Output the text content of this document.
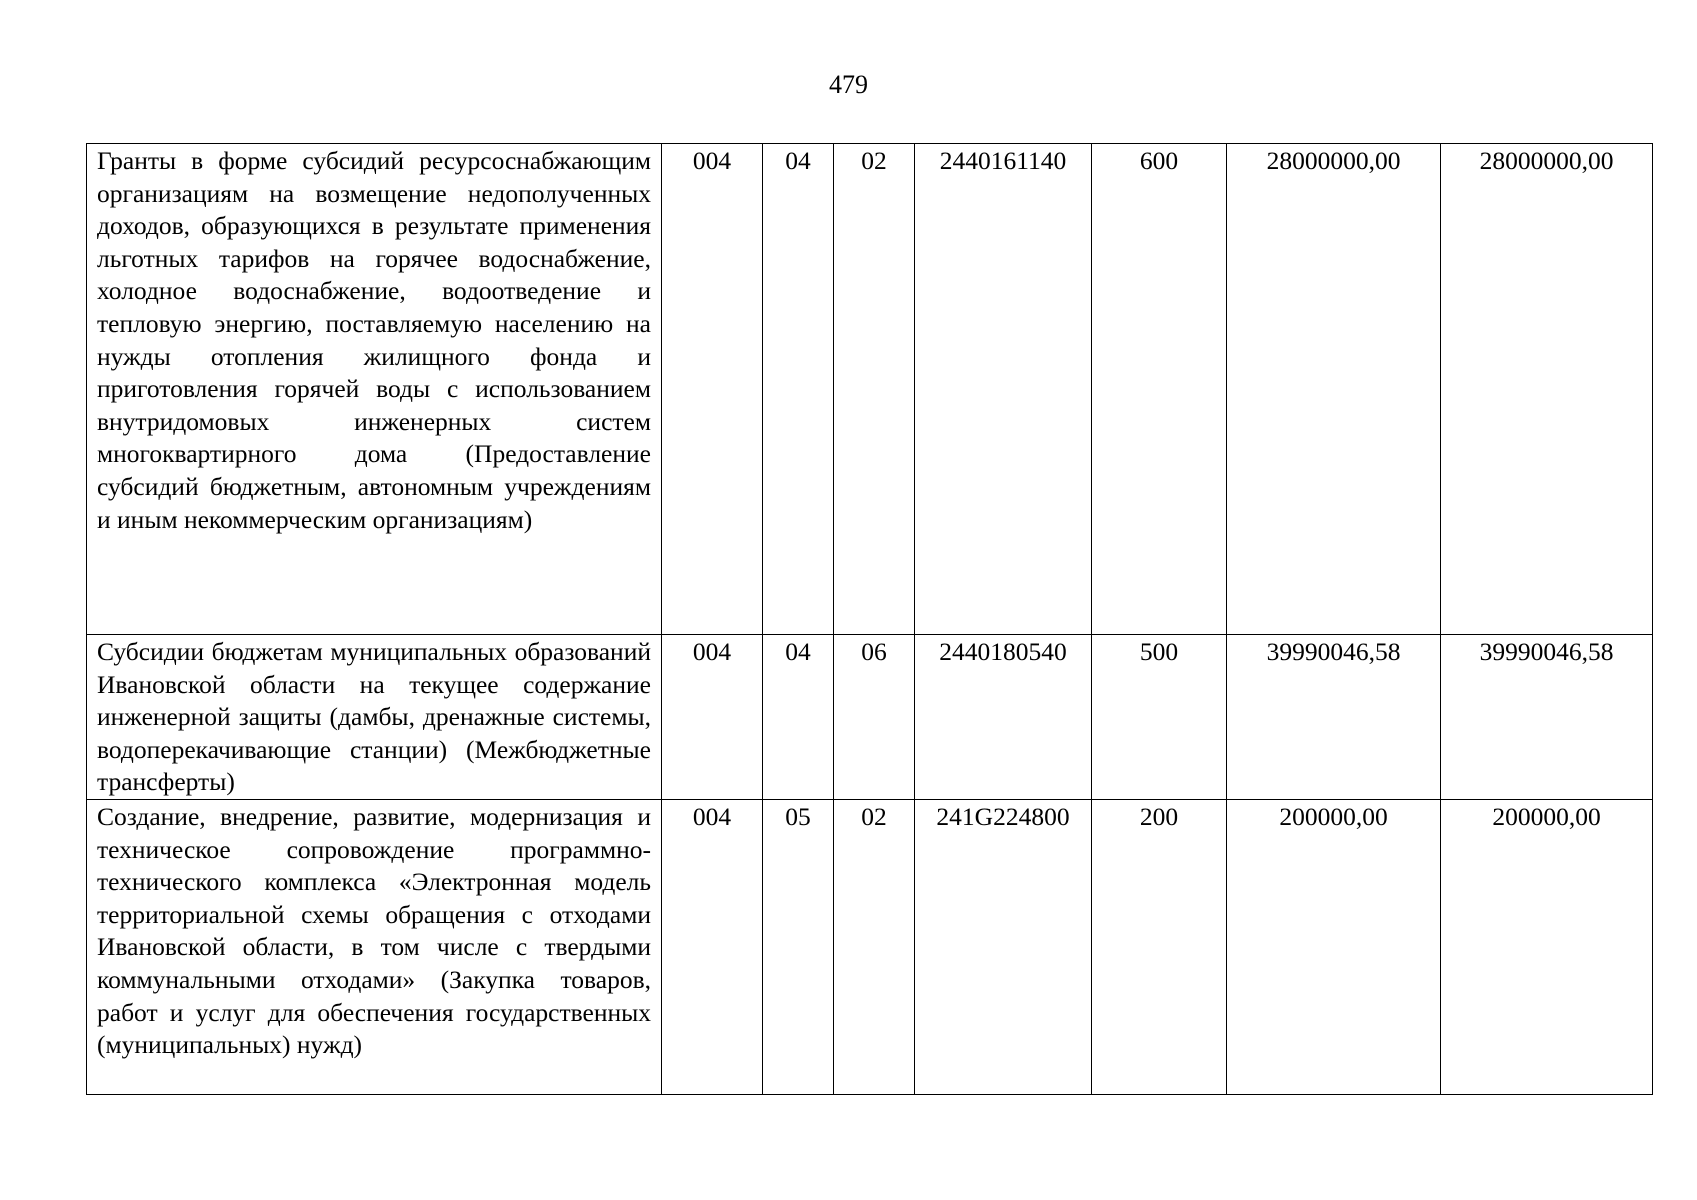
479
Гранты в форме субсидий ресурсоснабжающим организациям на возмещение недополученных доходов, образующихся в результате применения льготных тарифов на горячее водоснабжение, холодное водоснабжение, водоотведение и тепловую энергию, поставляемую населению на нужды отопления жилищного фонда и приготовления горячей воды с использованием внутридомовых инженерных систем многоквартирного дома (Предоставление субсидий бюджетным, автономным учреждениям и иным некоммерческим организациям)	004	04	02	2440161140	600	28000000,00	28000000,00
Субсидии бюджетам муниципальных образований Ивановской области на текущее содержание инженерной защиты (дамбы, дренажные системы, водоперекачивающие станции) (Межбюджетные трансферты)	004	04	06	2440180540	500	39990046,58	39990046,58
Создание, внедрение, развитие, модернизация и техническое сопровождение программно-технического комплекса «Электронная модель территориальной схемы обращения с отходами Ивановской области, в том числе с твердыми коммунальными отходами» (Закупка товаров, работ и услуг для обеспечения государственных (муниципальных) нужд)	004	05	02	241G224800	200	200000,00	200000,00
